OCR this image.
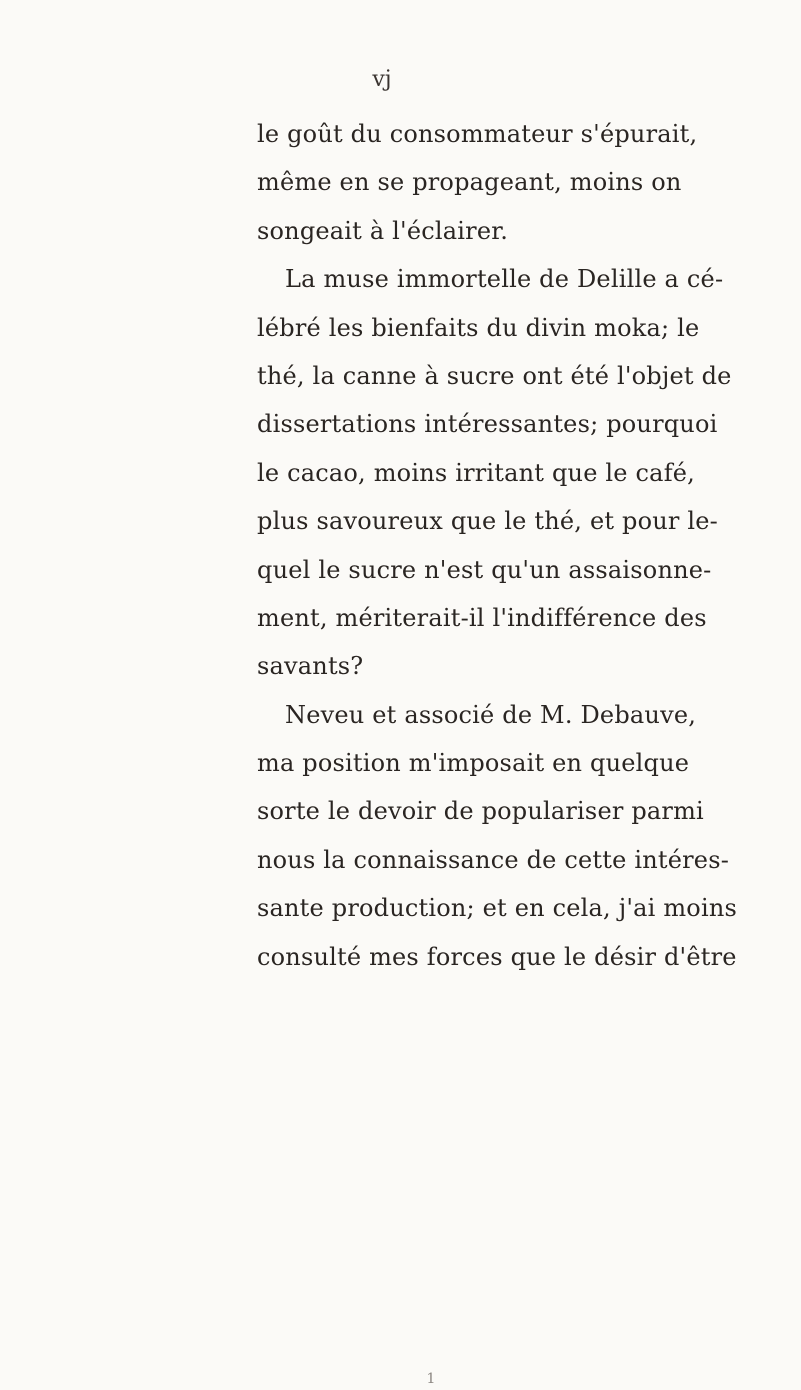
vj
le goût du consommateur s'épurait,
même en se propageant, moins on
songeait à l'éclairer.
La muse immortelle de Delille a cé-
lébré les bienfaits du divin moka; le
thé, la canne à sucre ont été l'objet de
dissertations intéressantes; pourquoi
le cacao, moins irritant que le café,
plus savoureux que le thé, et pour le-
quel le sucre n'est qu'un assaisonne-
ment, mériterait-il l'indifférence des
savants?
Neveu et associé de M. Debauve,
ma position m'imposait en quelque
sorte le devoir de populariser parmi
nous la connaissance de cette intéres-
sante production; et en cela, j'ai moins
consulté mes forces que le désir d'être
1
